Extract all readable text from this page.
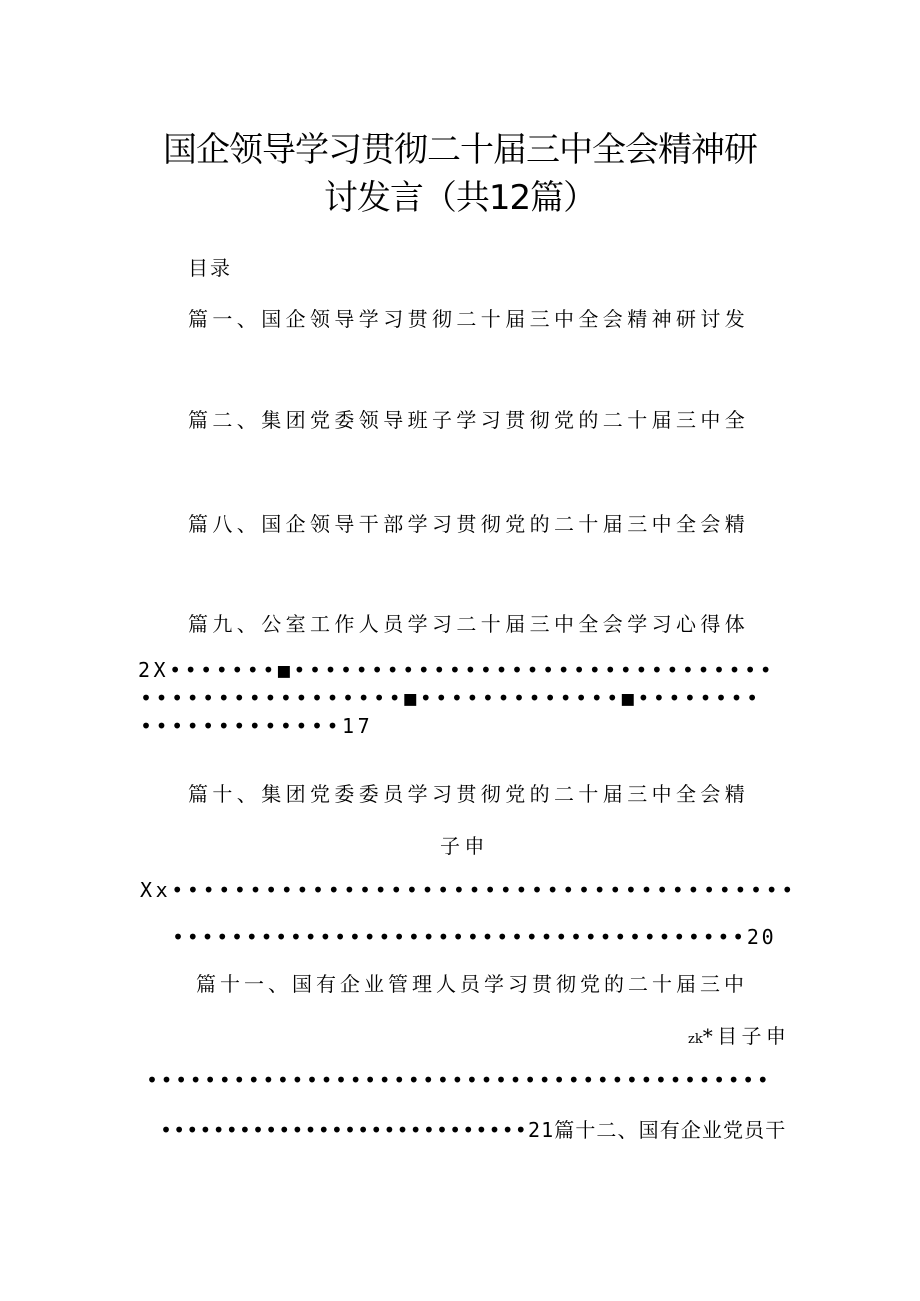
国企领导学习贯彻二十届三中全会精神研
讨发言（共12篇）
目录
篇一、国企领导学习贯彻二十届三中全会精神研讨发
篇二、集团党委领导班子学习贯彻党的二十届三中全
篇八、国企领导干部学习贯彻党的二十届三中全会精
篇九、公室工作人员学习二十届三中全会学习心得体
2X•••••••■•••••••••••••••••••••••••••••••
•••••••••••••••••■•••••••••••••■••••••••
•••••••••••••17
篇十、集团党委委员学习贯彻党的二十届三中全会精
子申
Xx••••••••••••••••••••••••••••••••••••••••
•••••••••••••••••••••••••••••••••••••••20
篇十一、国有企业管理人员学习贯彻党的二十届三中
zk*目子申
•••••••••••••••••••••••••••••••••••••••••••
••••••••••••••••••••••••••••21篇十二、国有企业党员干
